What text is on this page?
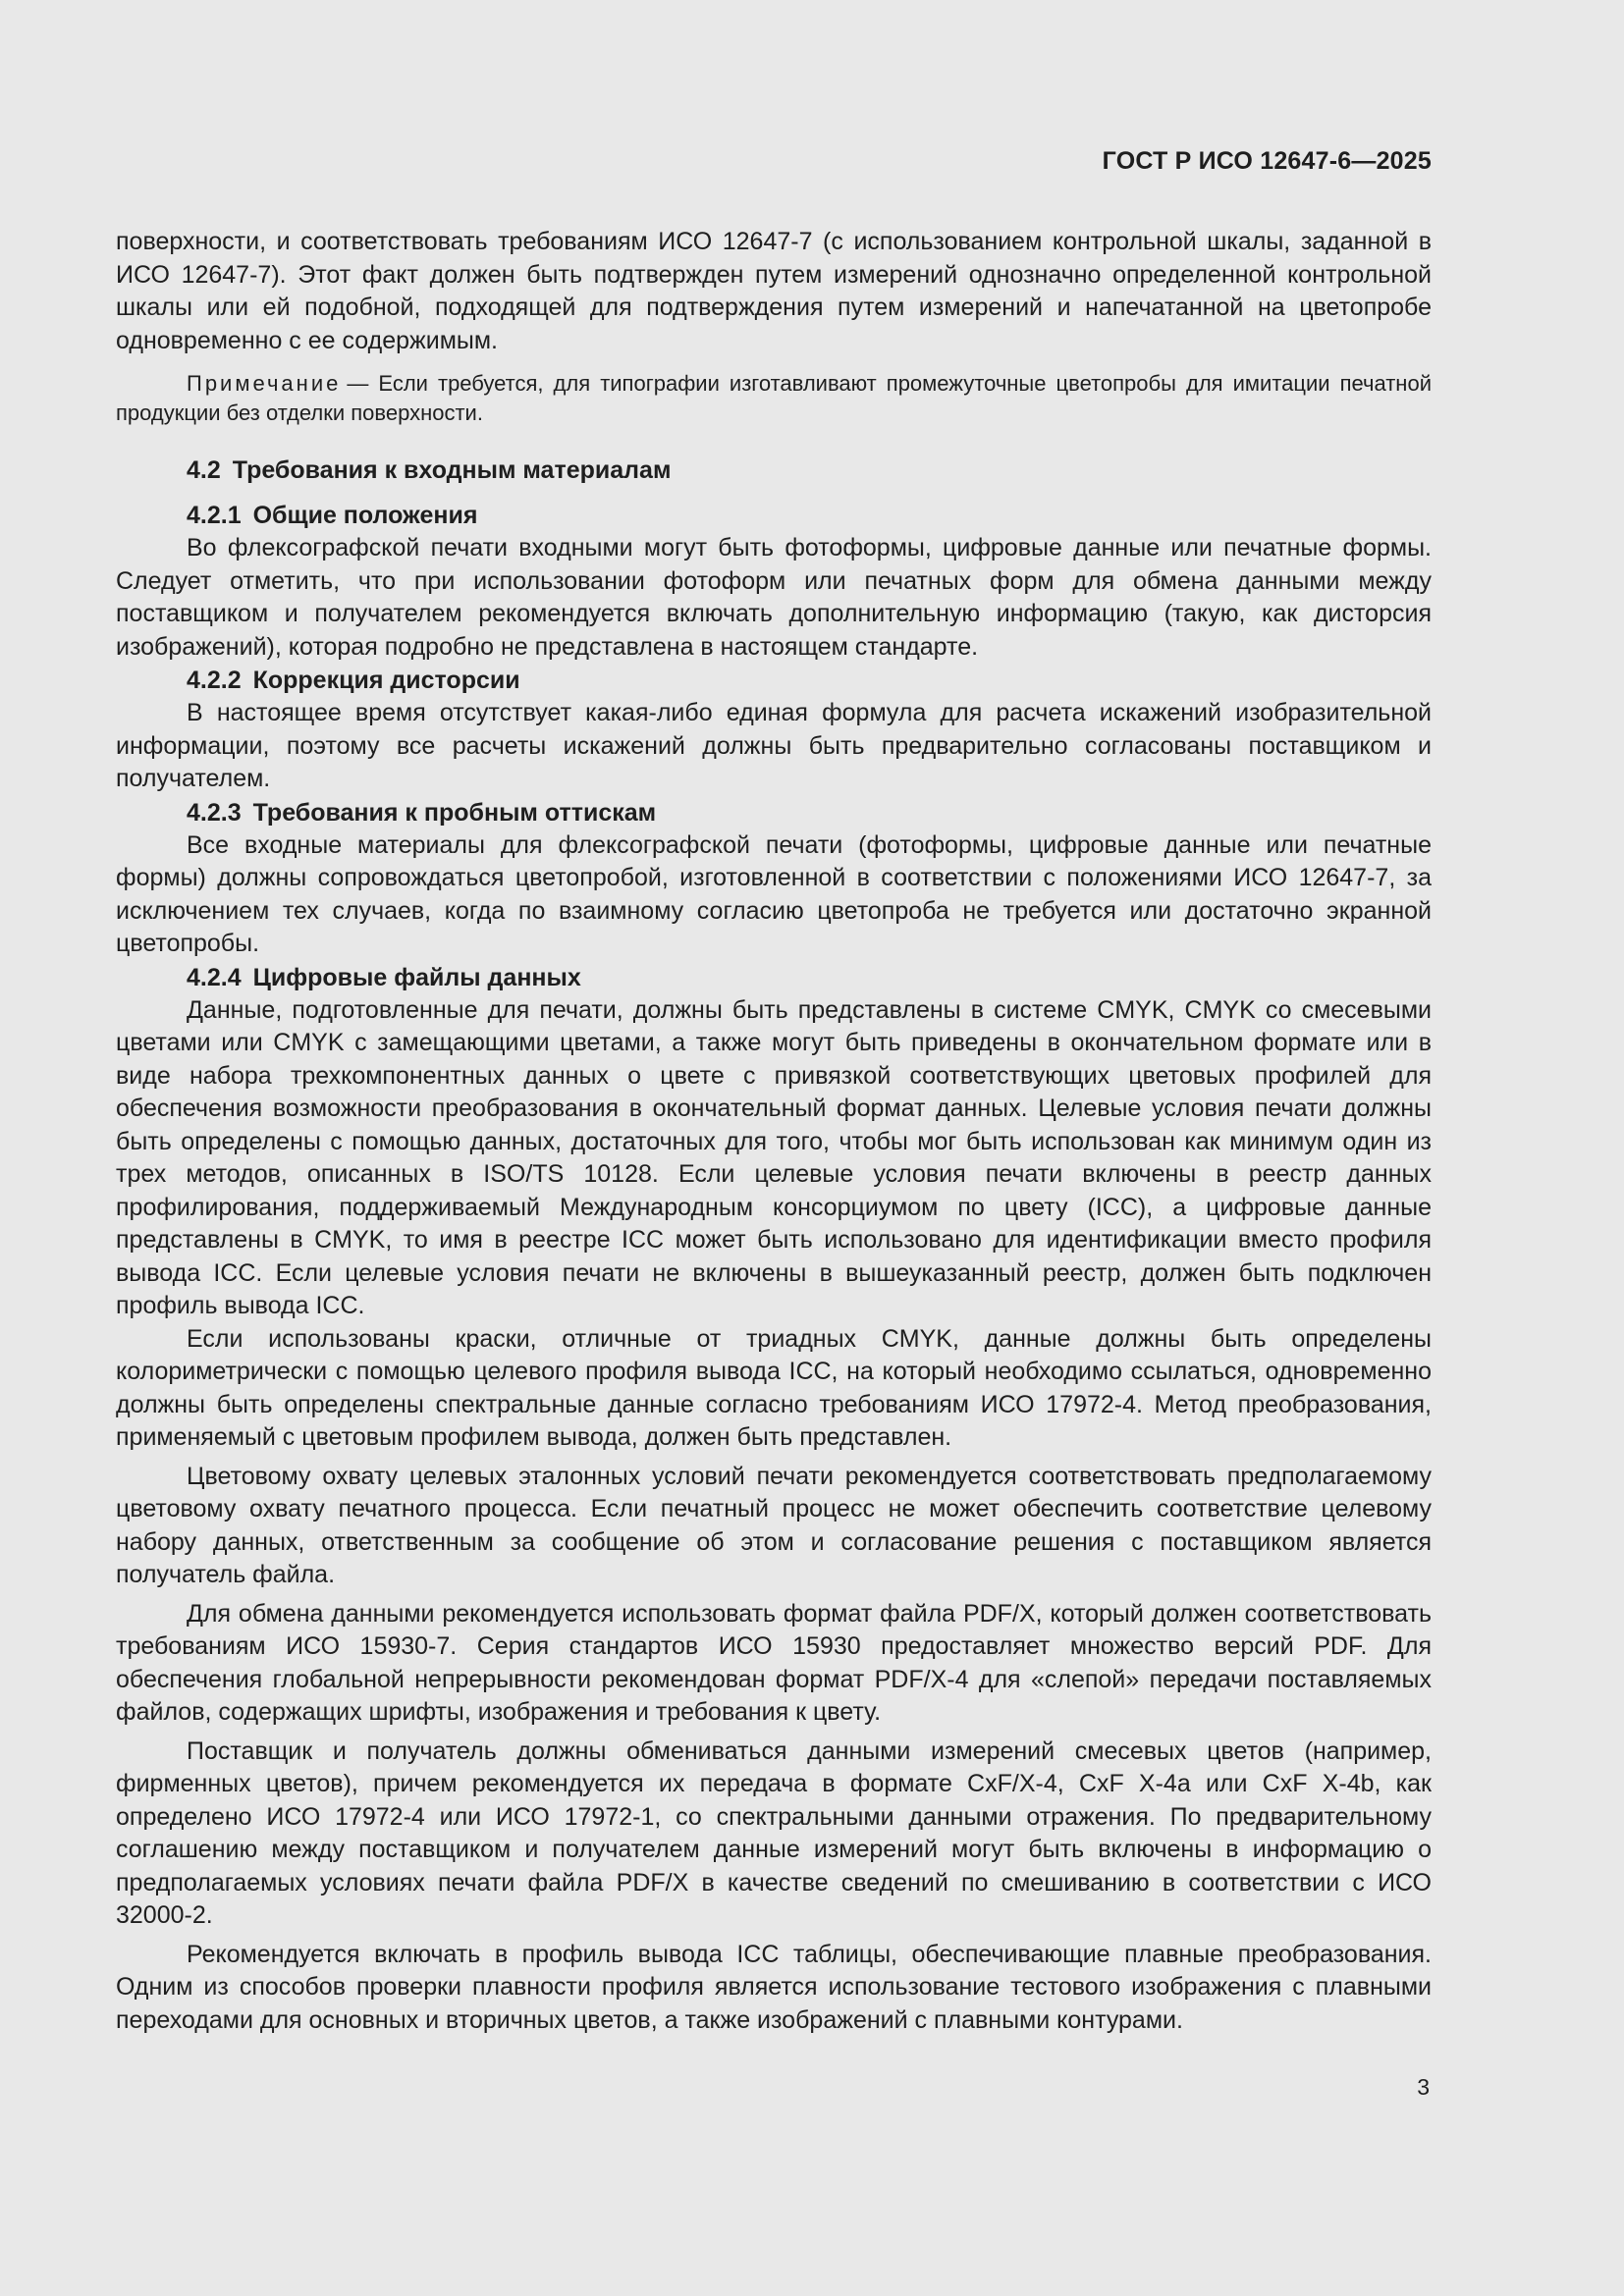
ГОСТ Р ИСО 12647-6—2025

поверхности, и соответствовать требованиям ИСО 12647-7 (с использованием контрольной шкалы, заданной в ИСО 12647-7). Этот факт должен быть подтвержден путем измерений однозначно определенной контрольной шкалы или ей подобной, подходящей для подтверждения путем измерений и напечатанной на цветопробе одновременно с ее содержимым.

Примечание — Если требуется, для типографии изготавливают промежуточные цветопробы для имитации печатной продукции без отделки поверхности.
4.2 Требования к входным материалам
4.2.1 Общие положения

Во флексографской печати входными могут быть фотоформы, цифровые данные или печатные формы. Следует отметить, что при использовании фотоформ или печатных форм для обмена данными между поставщиком и получателем рекомендуется включать дополнительную информацию (такую, как дисторсия изображений), которая подробно не представлена в настоящем стандарте.

4.2.2 Коррекция дисторсии

В настоящее время отсутствует какая-либо единая формула для расчета искажений изобразительной информации, поэтому все расчеты искажений должны быть предварительно согласованы поставщиком и получателем.

4.2.3 Требования к пробным оттискам

Все входные материалы для флексографской печати (фотоформы, цифровые данные или печатные формы) должны сопровождаться цветопробой, изготовленной в соответствии с положениями ИСО 12647-7, за исключением тех случаев, когда по взаимному согласию цветопроба не требуется или достаточно экранной цветопробы.

4.2.4 Цифровые файлы данных

Данные, подготовленные для печати, должны быть представлены в системе CMYK, CMYK со смесевыми цветами или CMYK с замещающими цветами, а также могут быть приведены в окончательном формате или в виде набора трехкомпонентных данных о цвете с привязкой соответствующих цветовых профилей для обеспечения возможности преобразования в окончательный формат данных. Целевые условия печати должны быть определены с помощью данных, достаточных для того, чтобы мог быть использован как минимум один из трех методов, описанных в ISO/TS 10128. Если целевые условия печати включены в реестр данных профилирования, поддерживаемый Международным консорциумом по цвету (ICC), а цифровые данные представлены в CMYK, то имя в реестре ICC может быть использовано для идентификации вместо профиля вывода ICC. Если целевые условия печати не включены в вышеуказанный реестр, должен быть подключен профиль вывода ICC.

Если использованы краски, отличные от триадных CMYK, данные должны быть определены колориметрически с помощью целевого профиля вывода ICC, на который необходимо ссылаться, одновременно должны быть определены спектральные данные согласно требованиям ИСО 17972-4. Метод преобразования, применяемый с цветовым профилем вывода, должен быть представлен.

Цветовому охвату целевых эталонных условий печати рекомендуется соответствовать предполагаемому цветовому охвату печатного процесса. Если печатный процесс не может обеспечить соответствие целевому набору данных, ответственным за сообщение об этом и согласование решения с поставщиком является получатель файла.

Для обмена данными рекомендуется использовать формат файла PDF/X, который должен соответствовать требованиям ИСО 15930-7. Серия стандартов ИСО 15930 предоставляет множество версий PDF. Для обеспечения глобальной непрерывности рекомендован формат PDF/X-4 для «слепой» передачи поставляемых файлов, содержащих шрифты, изображения и требования к цвету.

Поставщик и получатель должны обмениваться данными измерений смесевых цветов (например, фирменных цветов), причем рекомендуется их передача в формате CxF/X-4, CxF X-4a или CxF X-4b, как определено ИСО 17972-4 или ИСО 17972-1, со спектральными данными отражения. По предварительному соглашению между поставщиком и получателем данные измерений могут быть включены в информацию о предполагаемых условиях печати файла PDF/X в качестве сведений по смешиванию в соответствии с ИСО 32000-2.

Рекомендуется включать в профиль вывода ICC таблицы, обеспечивающие плавные преобразования. Одним из способов проверки плавности профиля является использование тестового изображения с плавными переходами для основных и вторичных цветов, а также изображений с плавными контурами.

3
